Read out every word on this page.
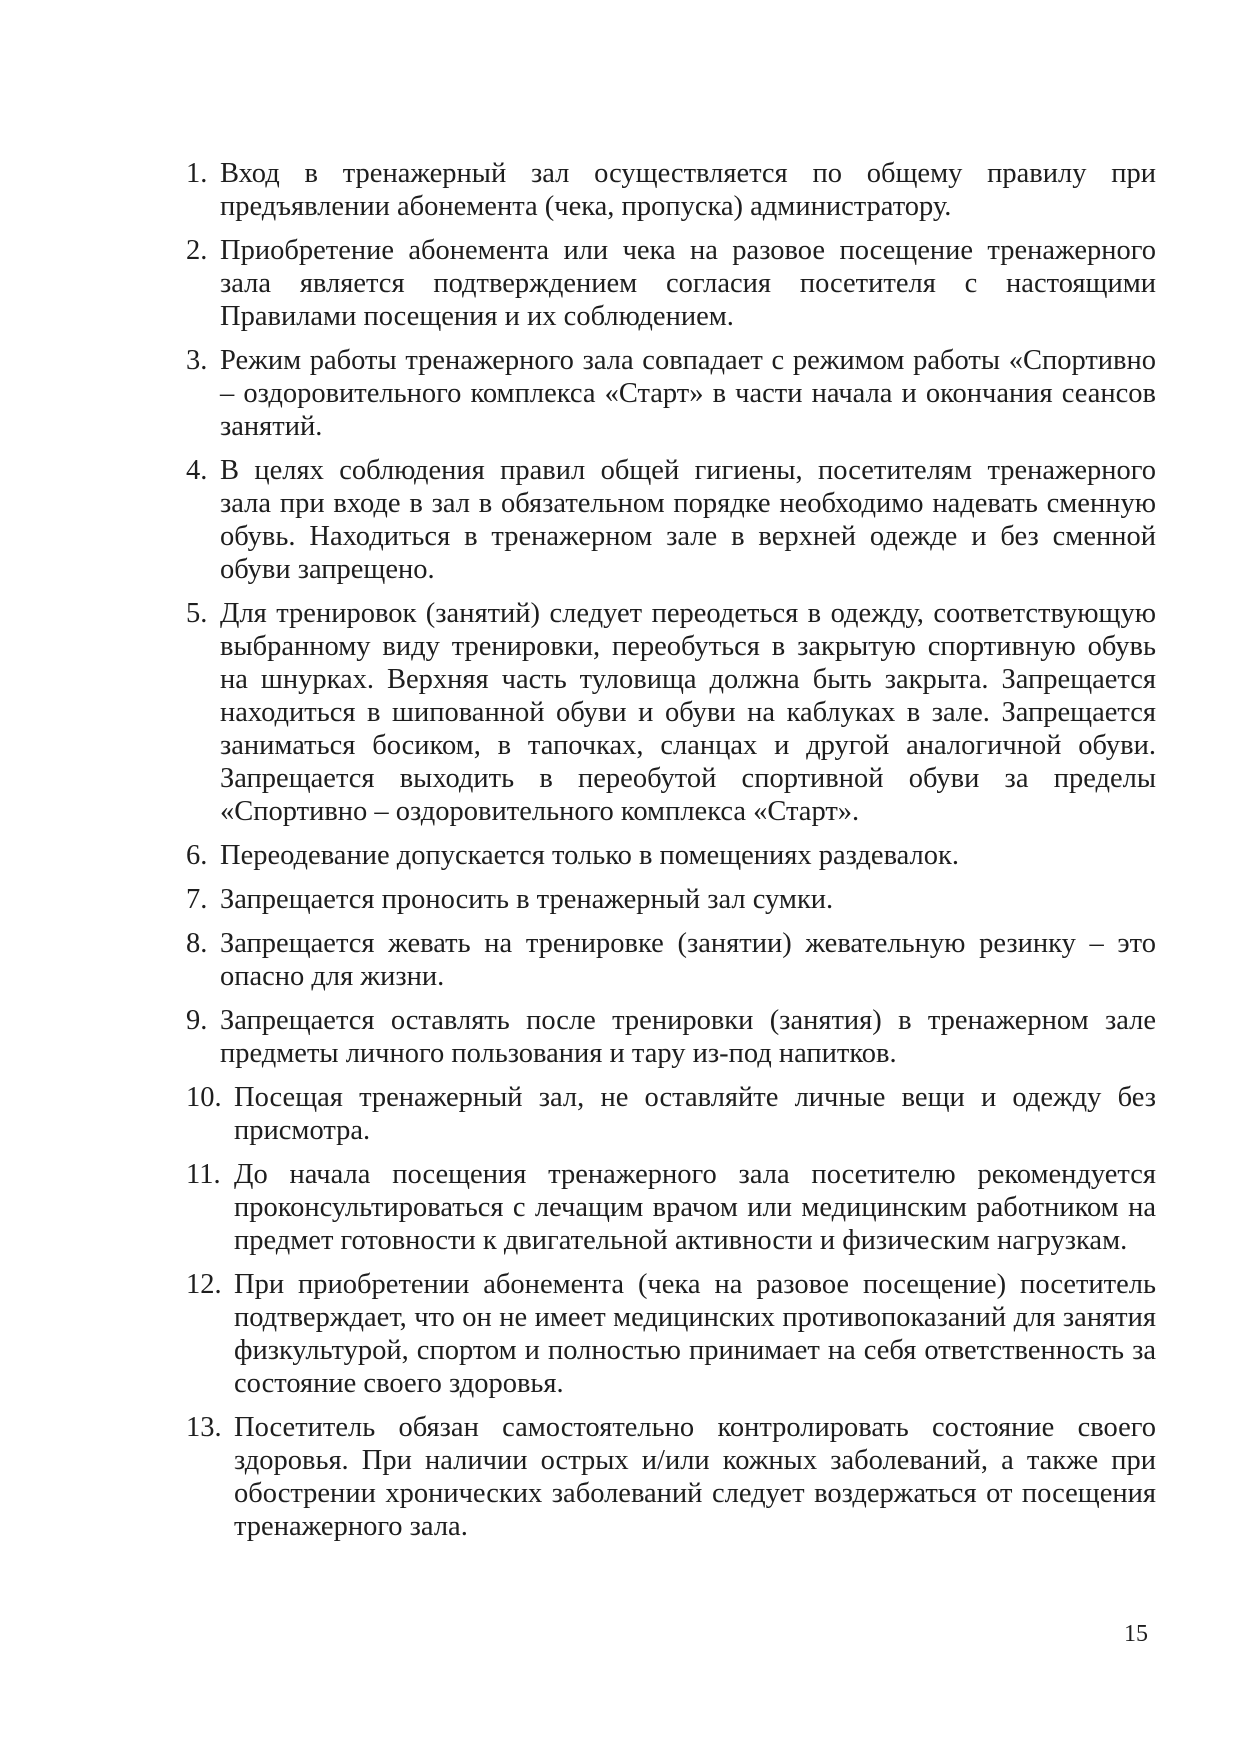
1. Вход в тренажерный зал осуществляется по общему правилу при предъявлении абонемента (чека, пропуска) администратору.
2. Приобретение абонемента или чека на разовое посещение тренажерного зала является подтверждением согласия посетителя с настоящими Правилами посещения и их соблюдением.
3. Режим работы тренажерного зала совпадает с режимом работы «Спортивно – оздоровительного комплекса «Старт» в части начала и окончания сеансов занятий.
4. В целях соблюдения правил общей гигиены, посетителям тренажерного зала при входе в зал в обязательном порядке необходимо надевать сменную обувь. Находиться в тренажерном зале в верхней одежде и без сменной обуви запрещено.
5. Для тренировок (занятий) следует переодеться в одежду, соответствующую выбранному виду тренировки, переобуться в закрытую спортивную обувь на шнурках. Верхняя часть туловища должна быть закрыта. Запрещается находиться в шипованной обуви и обуви на каблуках в зале. Запрещается заниматься босиком, в тапочках, сланцах и другой аналогичной обуви. Запрещается выходить в переобутой спортивной обуви за пределы «Спортивно – оздоровительного комплекса «Старт».
6. Переодевание допускается только в помещениях раздевалок.
7. Запрещается проносить в тренажерный зал сумки.
8. Запрещается жевать на тренировке (занятии) жевательную резинку – это опасно для жизни.
9. Запрещается оставлять после тренировки (занятия) в тренажерном зале предметы личного пользования и тару из-под напитков.
10. Посещая тренажерный зал, не оставляйте личные вещи и одежду без присмотра.
11. До начала посещения тренажерного зала посетителю рекомендуется проконсультироваться с лечащим врачом или медицинским работником на предмет готовности к двигательной активности и физическим нагрузкам.
12. При приобретении абонемента (чека на разовое посещение) посетитель подтверждает, что он не имеет медицинских противопоказаний для занятия физкультурой, спортом и полностью принимает на себя ответственность за состояние своего здоровья.
13. Посетитель обязан самостоятельно контролировать состояние своего здоровья. При наличии острых и/или кожных заболеваний, а также при обострении хронических заболеваний следует воздержаться от посещения тренажерного зала.
15
